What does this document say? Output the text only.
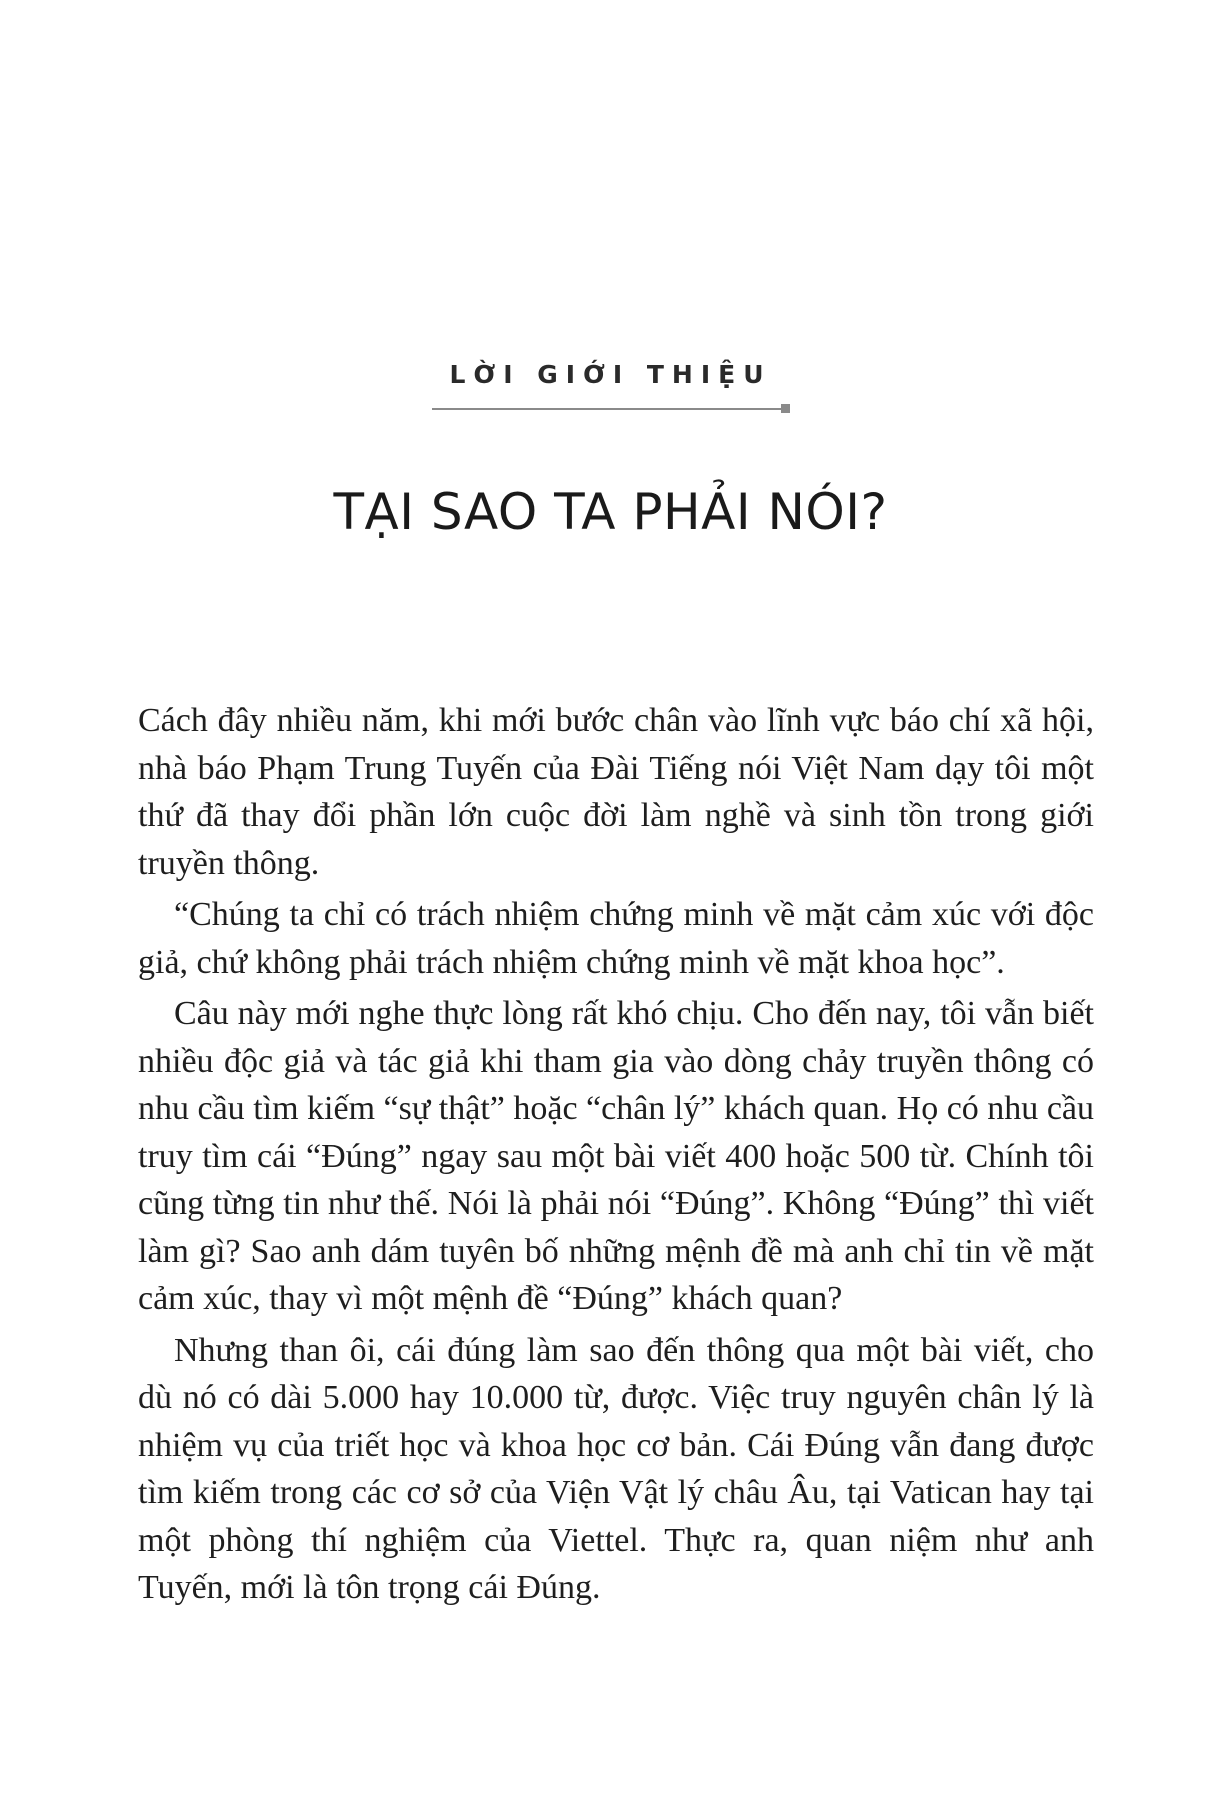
LỜI GIỚI THIỆU
TẠI SAO TA PHẢI NÓI?

Cách đây nhiều năm, khi mới bước chân vào lĩnh vực báo chí xã hội, nhà báo Phạm Trung Tuyến của Đài Tiếng nói Việt Nam dạy tôi một thứ đã thay đổi phần lớn cuộc đời làm nghề và sinh tồn trong giới truyền thông.

“Chúng ta chỉ có trách nhiệm chứng minh về mặt cảm xúc với độc giả, chứ không phải trách nhiệm chứng minh về mặt khoa học”.

Câu này mới nghe thực lòng rất khó chịu. Cho đến nay, tôi vẫn biết nhiều độc giả và tác giả khi tham gia vào dòng chảy truyền thông có nhu cầu tìm kiếm “sự thật” hoặc “chân lý” khách quan. Họ có nhu cầu truy tìm cái “Đúng” ngay sau một bài viết 400 hoặc 500 từ. Chính tôi cũng từng tin như thế. Nói là phải nói “Đúng”. Không “Đúng” thì viết làm gì? Sao anh dám tuyên bố những mệnh đề mà anh chỉ tin về mặt cảm xúc, thay vì một mệnh đề “Đúng” khách quan?

Nhưng than ôi, cái đúng làm sao đến thông qua một bài viết, cho dù nó có dài 5.000 hay 10.000 từ, được. Việc truy nguyên chân lý là nhiệm vụ của triết học và khoa học cơ bản. Cái Đúng vẫn đang được tìm kiếm trong các cơ sở của Viện Vật lý châu Âu, tại Vatican hay tại một phòng thí nghiệm của Viettel. Thực ra, quan niệm như anh Tuyến, mới là tôn trọng cái Đúng.
